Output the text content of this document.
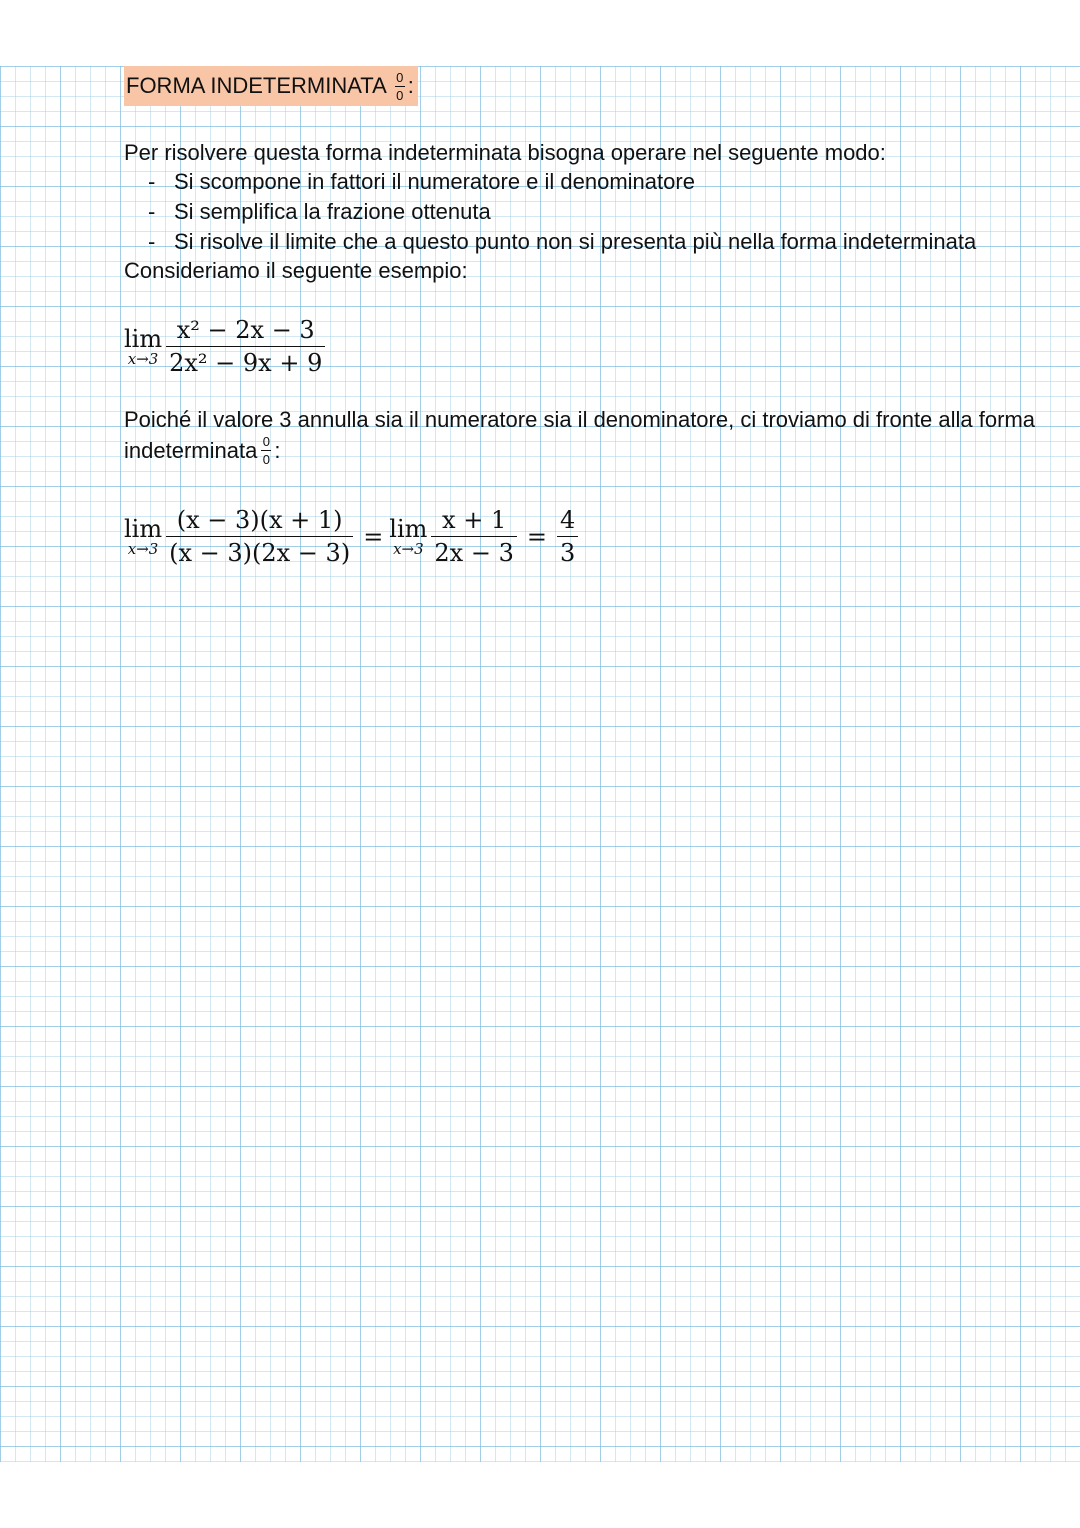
FORMA INDETERMINATA 0
0 :
Per risolvere questa forma indeterminata bisogna operare nel seguente modo:
- Si scompone in fattori il numeratore e il denominatore
- Si semplifica la frazione ottenuta
- Si risolve il limite che a questo punto non si presenta più nella forma indeterminata
Consideriamo il seguente esempio:
lim
$x\to 3 \frac{\text{x² − 2x − 3}}{\text{2x² − 9x + 9}}$
Poiché il valore 3 annulla sia il numeratore sia il denominatore, ci troviamo di fronte alla forma
indeterminata 0
0 :
lim
$x\to 3 \frac{(x - 3)(x + 1)}{(x - 3)(2x - 3)} = \lim$
$x\to 3 \frac{x + 1}{2x - 3} = \frac{4}{3}$
